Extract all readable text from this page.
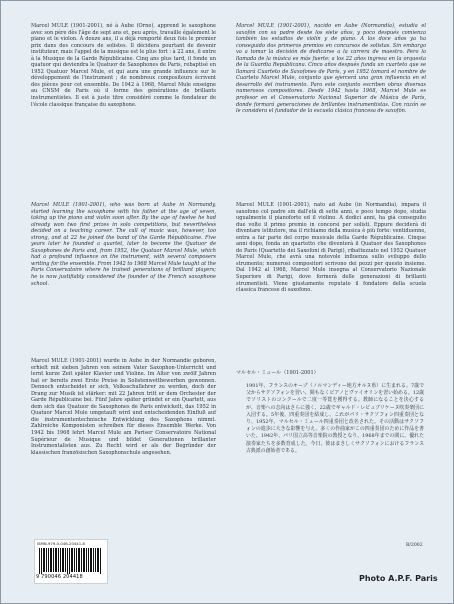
Marcel MULE (1901-2001), né à Aube (Orne), apprend le saxophone avec son père dès l'âge de sept ans et, peu après, travaille également le piano et le violon. À douze ans, il a déjà remporté deux fois le premier prix dans des concours de solistes. Il décidera pourtant de devenir instituteur, mais l'appel de la musique est le plus fort : à 22 ans, il entre à la Musique de la Garde Républicaine. Cinq ans plus tard, il fonde un quatuor qui deviendra le Quatuor de Saxophones de Paris, rebaptisé en 1952 Quatuor Marcel Mule, et qui aura une grande influence sur le développement de l'instrument ; de nombreux compositeurs écrivent des pièces pour cet ensemble. De 1942 à 1968, Marcel Mule enseigne au CNSM de Paris où il forme des générations de brillants instrumentistes. Il est à juste titre considéré comme le fondateur de l'école classique française du saxophone.

Marcel MULE (1901-2001), who was born at Aube in Normandy, started learning the saxophone with his father at the age of seven, taking up the piano and violin soon after. By the age of twelve he had already won two first prizes in solo competitions, but nevertheless decided on a teaching career. The call of music was, however, too strong, and at 22 he joined the band of the Garde Républicaine. Five years later he founded a quartet, later to become the Quatuor de Saxophones de Paris and, from 1952, the Quatuor Marcel Mule, which had a profound influence on the instrument, with several composers writing for the ensemble. From 1942 to 1968 Marcel Mule taught at the Paris Conservatoire where he trained generations of brilliant players; he is now justifiably considered the founder of the French saxophone school.

Marcel MULE (1901-2001) wurde in Aube in der Normandie geboren, erhielt mit sieben Jahren von seinem Vater Saxophon-Unterricht und lernt kurze Zeit später Klavier und Violine. Im Alter von zwölf Jahren hat er bereits zwei Erste Preise in Solistenwettbewerben gewonnen. Dennoch entscheidet er sich, Volksschullehrer zu werden, doch der Drang zur Musik ist stärker: mit 22 Jahren tritt er dem Orchester der Garde Républicaine bei. Fünf Jahre später gründet er ein Quartett, aus dem sich das Quatuor de Saxophones de Paris entwickelt, das 1952 in Quatuor Marcel Mule umgetauft wird und entscheidenden Einfluß auf die instrumententechnische Entwicklung des Saxophons nimmt. Zahlreiche Komponisten schreiben für dieses Ensemble Werke. Von 1942 bis 1968 lehrt Marcel Mule am Pariser Conservatoire National Supérieur de Musique und bildet Generationen brillanter Instrumentalisten aus. Zu Recht wird er als der Begründer der klassischen französischen Saxophonschule angesehen.

Marcel MULE (1901-2001), nacido en Aube (Normandía), estudia el saxofón con su padre desde los siete años, y poco después comienza también los estudios de violín y de piano. A los doce años ya ha conseguido dos primeros premios en concursos de solistas. Sin embargo va a tomar la decisión de dedicarse a la carrera de maestro. Pero la llamada de la música es más fuerte: a los 22 años ingresa en la orquesta de la Guardia Republicana. Cinco años después funda un cuarteto que se llamará Cuarteto de Saxofones de París, y en 1952 tomará el nombre de Cuarteto Marcel Mule, conjunto que ejercerá una gran influencia en el desarrollo del instrumento. Para este conjunto escriben obras diversas numerosos compositores. Desde 1942 hasta 1968, Marcel Mule es profesor en el Conservatorio Nacional Superior de Música de París, donde formará generaciones de brillantes instrumentistas. Con razón se le considera el fundador de la escuela clásica francesa de saxofón.

Marcel MULE (1901-2001), nato ad Aube (in Normandia), impara il saxofono col padre sin dall'età di sette anni, e poco tempo dopo, studia ugualmente il pianoforte ed il violino. A dodici anni, ha già conseguito due volte il primo premio in concorsi per solisti. Eppure deciderà di diventare istitutore, ma il richiamo della musica è più forte: ventiduenne, entra a far parte del corpo musicale della Garde Républicaine. Cinque anni dopo, fonda un quartetto che diventerà il Quatuor des Saxophones de Paris (Quartetto dei Saxofoni di Parigi), ribattezzato nel 1952 Quatuor Marcel Mule, che avrà una notevole influenza sullo sviluppo dello strumento; numerosi compositori scrivono dei pezzi per questo insieme. Dal 1942 al 1968, Marcel Mule insegna al Conservatorio Nazionale Superiore di Parigi, dove formerà delle generazioni di brillanti strumentisti. Viene giustamente reputato il fondatore della scuola classica francese di saxofono.

マルセル・ミュール（1901-2001）

1901年、フランスのオーブ（ノルマンディー地方オルヌ県）に生まれる。7歳で父からサクソフォンを習い、間もなくピアノとヴァイオリンを習い始める。12歳でソリストのコンクールで二度一等賞を獲得する。教師になることを決心するが、音楽への志向はさらに強く、22歳でギャルド・レピュブリケーヌ吹奏楽団に入団する。5年後、四重奏団を結成し、これがパリ・サクソフォン四重奏団となり、1952年、マルセル・ミュール四重奏団と改名された。その活動はサクソフォンの進歩に大きな影響を与え、多くの作曲家がこの四重奏団のために作品を書いた。1942年、パリ国立高等音楽院の教授となり、1968年までの間に、優れた演奏家たちを多数育成した。今日、彼はまさしくサクソフォンにおけるフランス古典派の創始者である。

B/2002
ISMN-979-0-046-20441-8
9 790046 204418	Photo A.P.F. Paris
